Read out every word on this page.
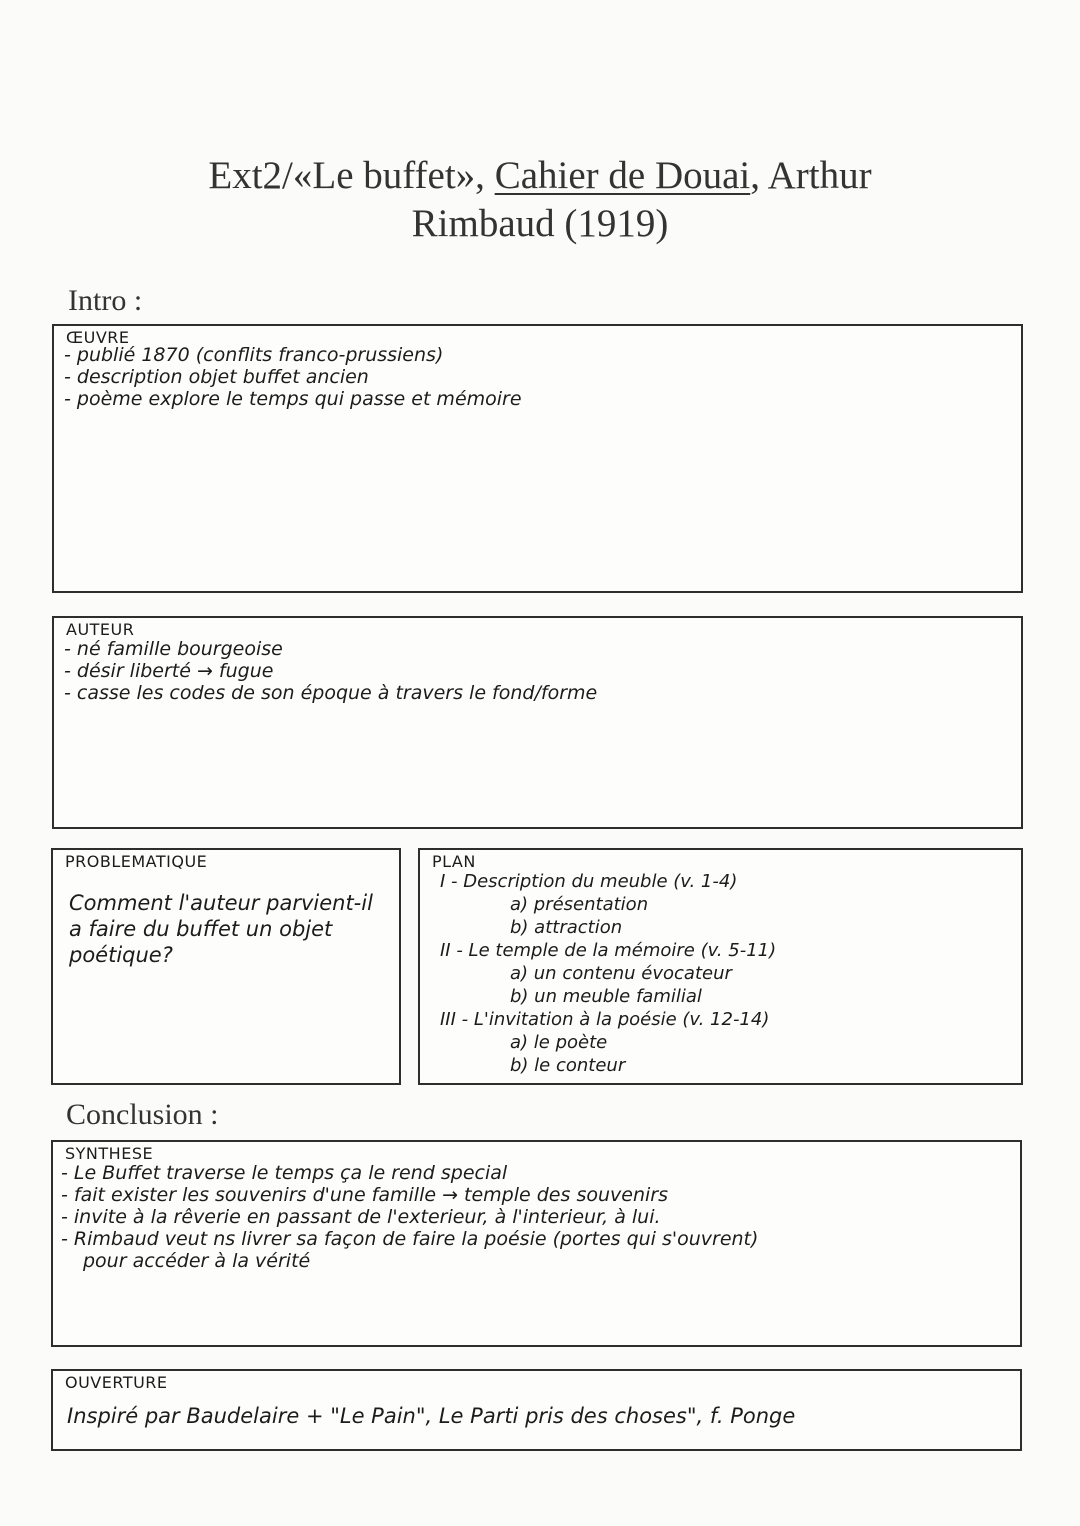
Ext2/«Le buffet», Cahier de Douai, Arthur
Rimbaud (1919)
Intro :
ŒUVRE
- publié 1870 (conflits franco-prussiens)
- description objet buffet ancien
- poème explore le temps qui passe et mémoire
AUTEUR
- né famille bourgeoise
- désir liberté → fugue
- casse les codes de son époque à travers le fond/forme
PROBLEMATIQUE
Comment l'auteur parvient-il a faire du buffet un objet poétique?
PLAN
I - Description du meuble (v. 1-4)
a) présentation
b) attraction
II - Le temple de la mémoire (v. 5-11)
a) un contenu évocateur
b) un meuble familial
III - L'invitation à la poésie (v. 12-14)
a) le poète
b) le conteur
Conclusion :
SYNTHESE
- Le Buffet traverse le temps ça le rend special
- fait exister les souvenirs d'une famille → temple des souvenirs
- invite à la rêverie en passant de l'exterieur, à l'interieur, à lui.
- Rimbaud veut ns livrer sa façon de faire la poésie (portes qui s'ouvrent)
pour accéder à la vérité
OUVERTURE
Inspiré par Baudelaire + "Le Pain", Le Parti pris des choses", f. Ponge
